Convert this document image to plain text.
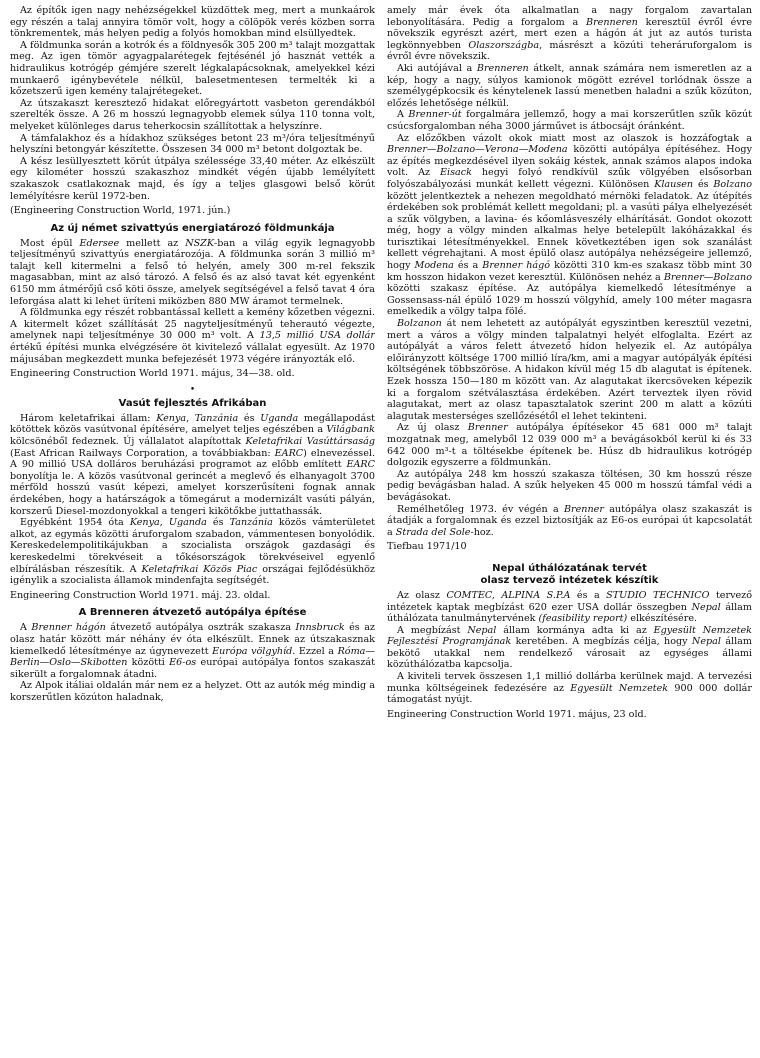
Az építők igen nagy nehézségekkel küzdöttek meg, mert a munkaárok egy részén a talaj annyira tömör volt, hogy a cölöpök verés közben sorra tönkrementek, más helyen pedig a folyós homokban mind elsüllyedtek.

A földmunka során a kotrók és a földnyesők 305 200 m³ talajt mozgattak meg. Az igen tömör agyagpalarétegek fejtésénél jó hasznát vették a hidraulikus kotrógép gémjére szerelt légkalapácsoknak, amelyekkel kézi munkaerő igénybevétele nélkül, balesetmentesen termelték ki a kőzetszerű igen kemény talajrétegeket.

Az útszakaszt keresztező hidakat előregyártott vasbeton gerendákból szerelték össze. A 26 m hosszú legnagyobb elemek súlya 110 tonna volt, melyeket különleges darus teherkocsin szállítottak a helyszínre.

A támfalakhoz és a hídakhoz szükséges betont 23 m³/óra teljesítményű helyszíni betongyár készítette. Összesen 34 000 m³ betont dolgoztak be.

A kész lesüllyesztett körút útpálya szélessége 33,40 méter. Az elkészült egy kilométer hosszú szakaszhoz mindkét végén újabb lemélyített szakaszok csatlakoznak majd, és így a teljes glasgowi belső körút lemélyítésre kerül 1972-ben.

(Engineering Construction World, 1971. jún.)

Az új német szivattyús energiatározó földmunkája

Most épül Edersee mellett az NSZK-ban a világ egyik legnagyobb teljesítményű szivattyús energiatározója. A földmunka során 3 millió m³ talajt kell kitermelni a felső tó helyén, amely 300 m-rel fekszik magasabban, mint az alsó tározó. A felső és az alsó tavat két egyenként 6150 mm átmérőjű cső köti össze, amelyek segítségével a felső tavat 4 óra leforgása alatt ki lehet üríteni miközben 880 MW áramot termelnek.

A földmunka egy részét robbantással kellett a kemény kőzetben végezni. A kitermelt kőzet szállítását 25 nagyteljesítményű teherautó végezte, amelynek napi teljesítménye 30 000 m³ volt. A 13,5 millió USA dollár értékű építési munka elvégzésére öt kivitelező vállalat egyesült. Az 1970 májusában megkezdett munka befejezését 1973 végére irányozták elő.

Engineering Construction World 1971. május, 34—38. old.

•
Vasút fejlesztés Afrikában

Három keletafrikai állam: Kenya, Tanzánia és Uganda megállapodást kötöttek közös vasútvonal építésére, amelyet teljes egészében a Világbank kölcsönéből fedeznek. Új vállalatot alapítottak Keletafrikai Vasúttársaság (East African Railways Corporation, a továbbiakban: EARC) elnevezéssel. A 90 millió USA dolláros beruházási programot az előbb említett EARC bonyolítja le. A közös vasútvonal gerincét a meglevő és elhanyagolt 3700 mérföld hosszú vasút képezi, amelyet korszerűsíteni fognak annak érdekében, hogy a határszágok a tömegárut a modernizált vasúti pályán, korszerű Diesel-mozdonyokkal a tengeri kikötőkbe juttathassák.

Egyébként 1954 óta Kenya, Uganda és Tanzánia közös vámterületet alkot, az egymás közötti áruforgalom szabadon, vámmentesen bonyolódik. Kereskedelempolitikájukban a szocialista országok gazdasági és kereskedelmi törekvéseit a tőkésországok törekvéseivel egyenlő elbírálásban részesítik. A Keletafrikai Közös Piac országai fejlődésükhöz igénylik a szocialista államok mindenfajta segítségét.

Engineering Construction World 1971. máj. 23. oldal.

A Brenneren átvezető autópálya építése

A Brenner hágón átvezető autópálya osztrák szakasza Innsbruck és az olasz határ között már néhány év óta elkészült. Ennek az útszakasznak kiemelkedő létesítménye az úgynevezett Európa völgyhíd. Ezzel a Róma—Berlin—Oslo—Skibotten közötti E6-os európai autópálya fontos szakaszát sikerült a forgalomnak átadni.

Az Alpok itáliai oldalán már nem ez a helyzet. Ott az autók még mindig a korszerűtlen közúton haladnak,

amely már évek óta alkalmatlan a nagy forgalom zavartalan lebonyolítására. Pedig a forgalom a Brenneren keresztül évről évre növekszik egyrészt azért, mert ezen a hágón át jut az autós turista legkönnyebben Olaszországba, másrészt a közúti teheráruforgalom is évről évre növekszik.

Aki autójával a Brenneren átkelt, annak számára nem ismeretlen az a kép, hogy a nagy, súlyos kamionok mögött ezrével torlódnak össze a személygépkocsik és kénytelenek lassú menetben haladni a szűk közúton, előzés lehetősége nélkül.

A Brenner-út forgalmára jellemző, hogy a mai korszerűtlen szűk közút csúcsforgalomban néha 3000 járművet is átbocsájt óránként.

Az előzőkben vázolt okok miatt most az olaszok is hozzáfogtak a Brenner—Bolzano—Verona—Modena közötti autópálya építéséhez. Hogy az építés megkezdésével ilyen sokáig késtek, annak számos alapos indoka volt. Az Eisack hegyi folyó rendkívül szűk völgyében elsősorban folyószabályozási munkát kellett végezni. Különösen Klausen és Bolzano között jelentkeztek a nehezen megoldható mérnöki feladatok. Az útépítés érdekében sok problémát kellett megoldani; pl. a vasúti pálya elhelyezését a szűk völgyben, a lavina- és kőomlásveszély elhárítását. Gondot okozott még, hogy a völgy minden alkalmas helye betelepült lakóházakkal és turisztikai létesítményekkel. Ennek következtében igen sok szanálást kellett végrehajtani. A most épülő olasz autópálya nehézségeire jellemző, hogy Modena és a Brenner hágó közötti 310 km-es szakasz több mint 30 km hosszon hidakon vezet keresztül. Különösen nehéz a Brenner—Bolzano közötti szakasz építése. Az autópálya kiemelkedő létesítménye a Gossensass-nál épülő 1029 m hosszú völgyhíd, amely 100 méter magasra emelkedik a völgy talpa fölé.

Bolzanon át nem lehetett az autópályát egyszintben keresztül vezetni, mert a város a völgy minden talpalatnyi helyét elfoglalta. Ezért az autópályát a város felett átvezető hídon helyezik el. Az autópálya előirányzott költsége 1700 millió líra/km, ami a magyar autópályák építési költségének többszöröse. A hidakon kívül még 15 db alagutat is építenek. Ezek hossza 150—180 m között van. Az alagutakat ikercsöveken képezik ki a forgalom szétválasztása érdekében. Azért terveztek ilyen rövid alagutakat, mert az olasz tapasztalatok szerint 200 m alatt a közúti alagutak mesterséges szellőzésétől el lehet tekinteni.

Az új olasz Brenner autópálya építésekor 45 681 000 m³ talajt mozgatnak meg, amelyből 12 039 000 m³ a bevágásokból kerül ki és 33 642 000 m³-t a töltésekbe építenek be. Húsz db hidraulikus kotrógép dolgozik egyszerre a földmunkán.

Az autópálya 248 km hosszú szakasza töltésen, 30 km hosszú része pedig bevágásban halad. A szűk helyeken 45 000 m hosszú támfal védi a bevágásokat.

Remélhetőleg 1973. év végén a Brenner autópálya olasz szakaszát is átadják a forgalomnak és ezzel biztosítják az E6-os európai út kapcsolatát a Strada del Sole-hoz.

Tiefbau 1971/10

Nepal úthálózatának tervét
olasz tervező intézetek készítik

Az olasz COMTEC, ALPINA S.P.A és a STUDIO TECHNICO tervező intézetek kaptak megbízást 620 ezer USA dollár összegben Nepal állam úthálózata tanulmánytervének (feasibility report) elkészítésére.

A megbízást Nepal állam kormánya adta ki az Egyesült Nemzetek Fejlesztési Programjának keretében. A megbízás célja, hogy Nepal állam bekötő utakkal nem rendelkező városait az egységes állami közúthálózatba kapcsolja.

A kiviteli tervek összesen 1,1 millió dollárba kerülnek majd. A tervezési munka költségeinek fedezésére az Egyesült Nemzetek 900 000 dollár támogatást nyújt.

Engineering Construction World 1971. május, 23 old.
